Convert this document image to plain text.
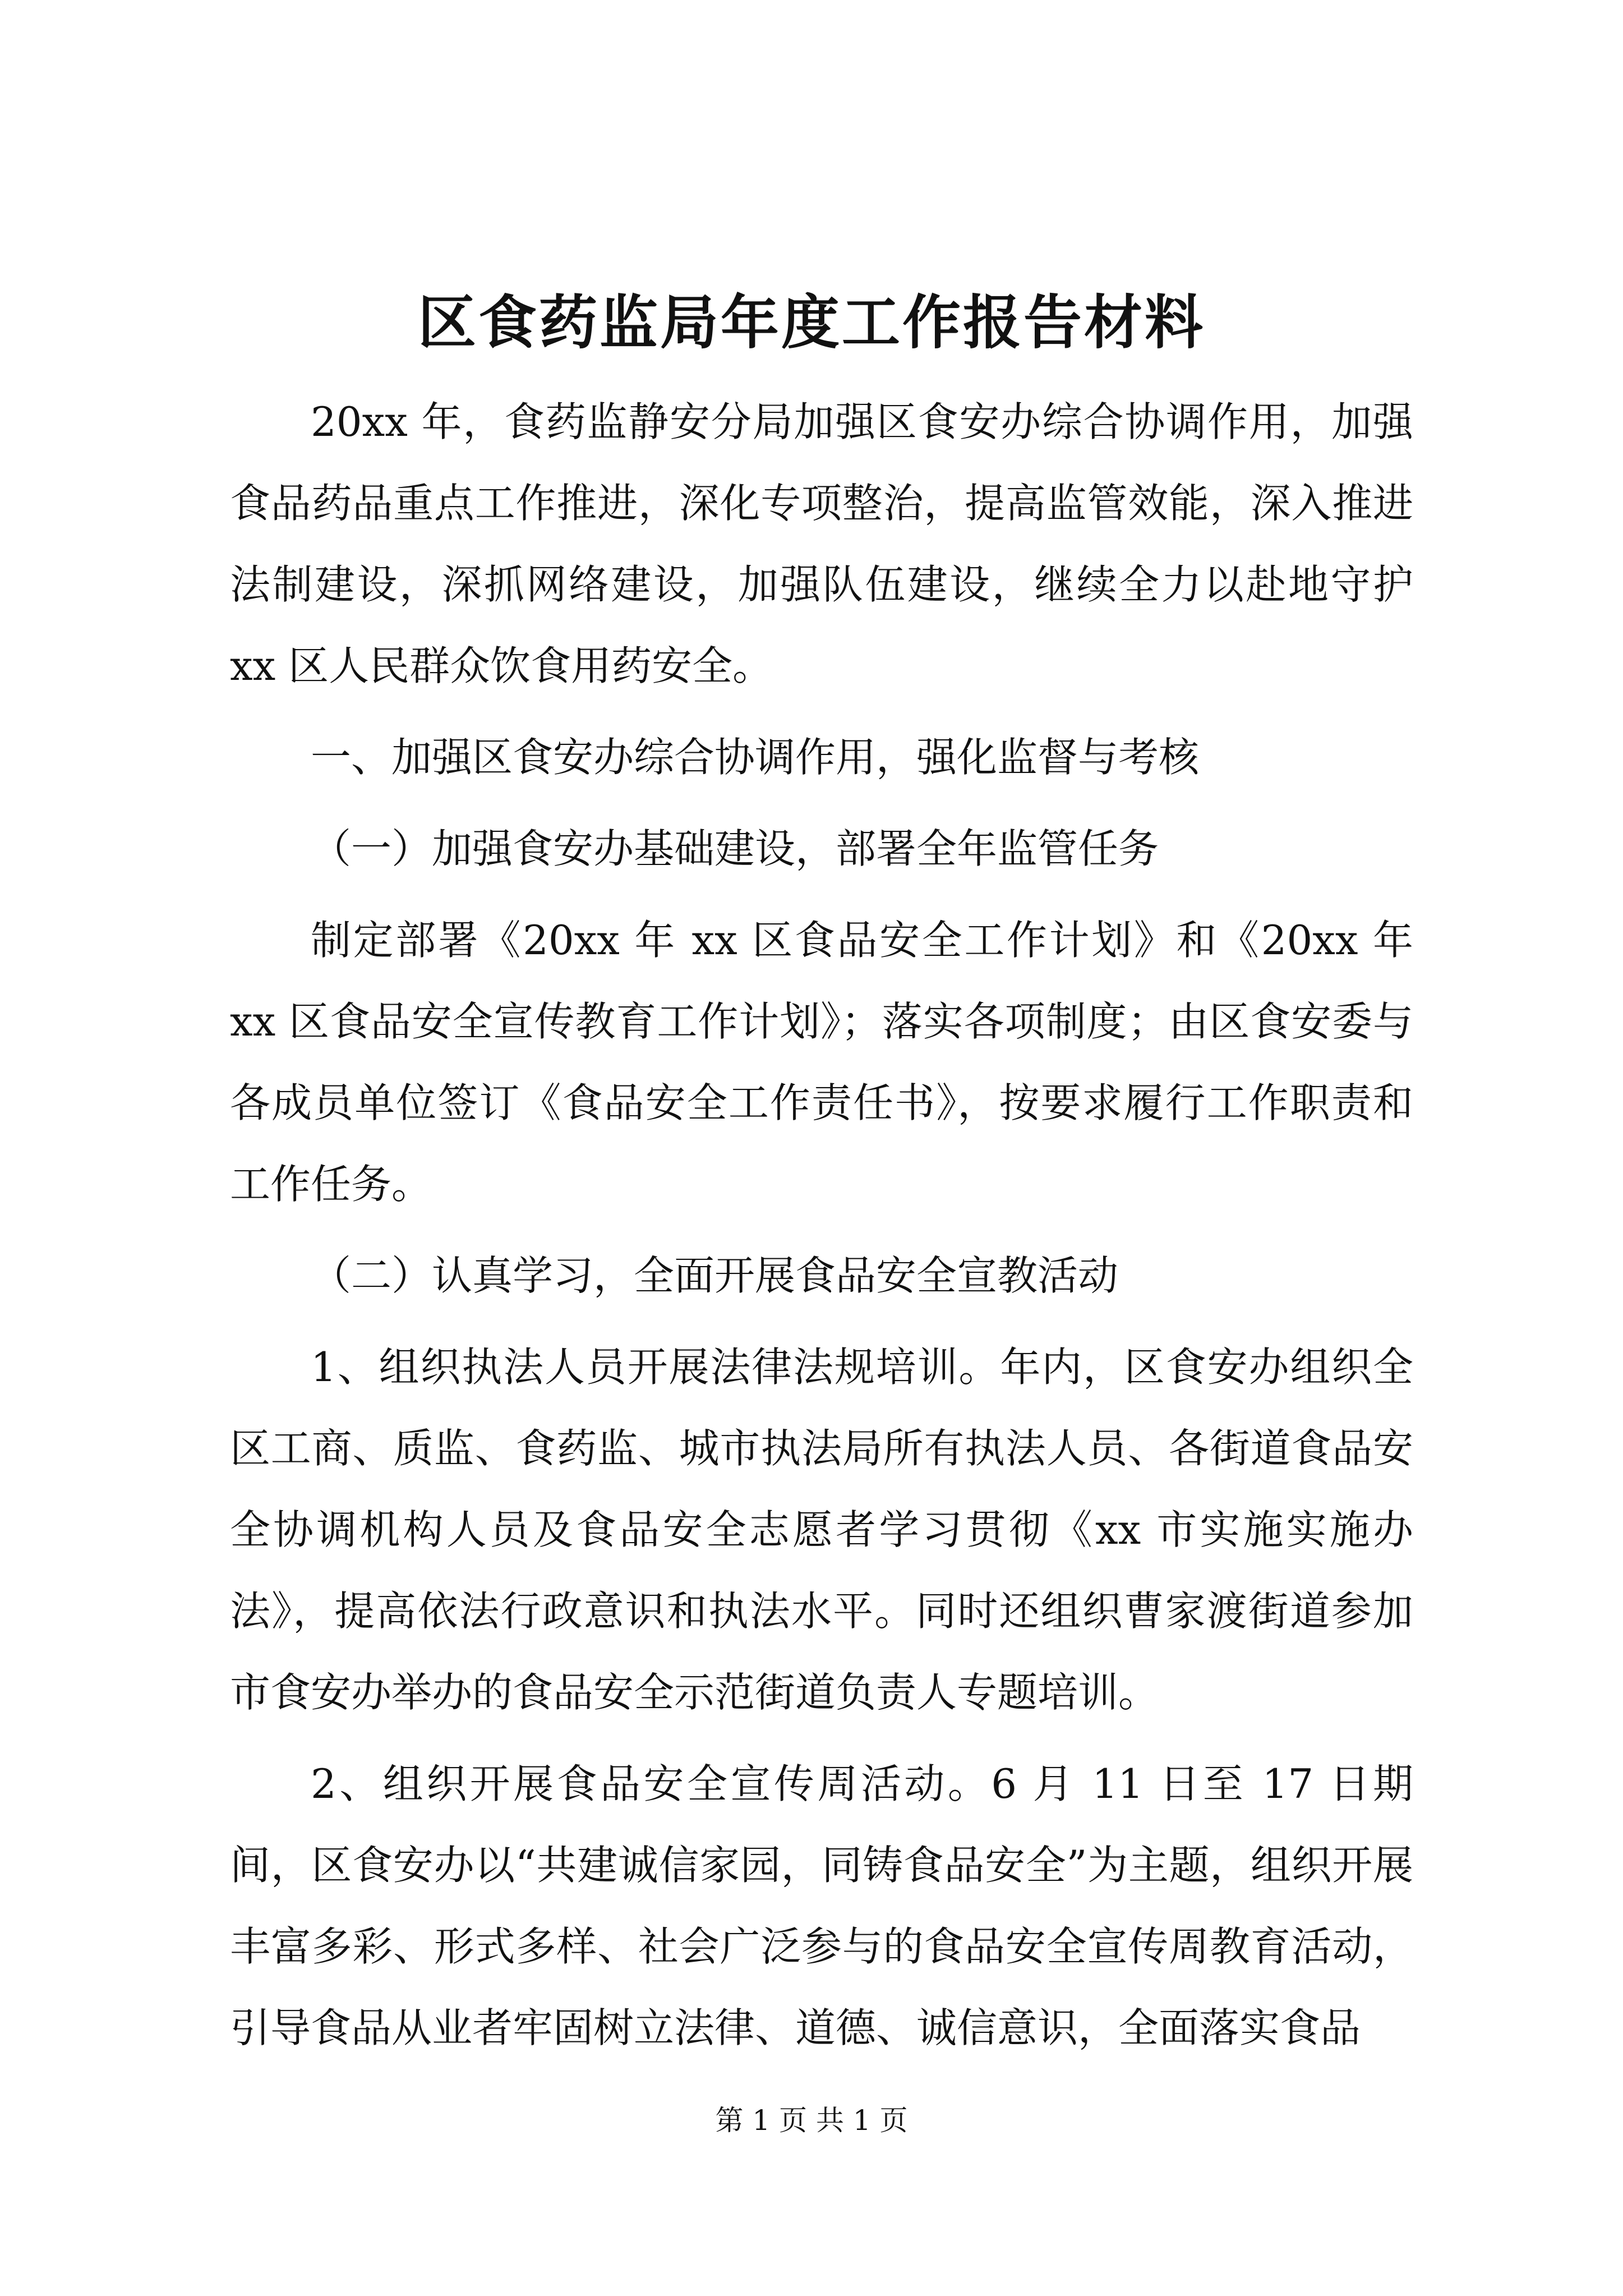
区食药监局年度工作报告材料

20xx 年，食药监静安分局加强区食安办综合协调作用，加强食品药品重点工作推进，深化专项整治，提高监管效能，深入推进法制建设，深抓网络建设，加强队伍建设，继续全力以赴地守护 xx 区人民群众饮食用药安全。

一、加强区食安办综合协调作用，强化监督与考核

（一）加强食安办基础建设，部署全年监管任务

制定部署《20xx 年 xx 区食品安全工作计划》和《20xx 年 xx 区食品安全宣传教育工作计划》；落实各项制度；由区食安委与各成员单位签订《食品安全工作责任书》，按要求履行工作职责和工作任务。

（二）认真学习，全面开展食品安全宣教活动

1、组织执法人员开展法律法规培训。年内，区食安办组织全区工商、质监、食药监、城市执法局所有执法人员、各街道食品安全协调机构人员及食品安全志愿者学习贯彻《xx 市实施实施办法》，提高依法行政意识和执法水平。同时还组织曹家渡街道参加市食安办举办的食品安全示范街道负责人专题培训。

2、组织开展食品安全宣传周活动。6 月 11 日至 17 日期间，区食安办以“共建诚信家园，同铸食品安全”为主题，组织开展丰富多彩、形式多样、社会广泛参与的食品安全宣传周教育活动，引导食品从业者牢固树立法律、道德、诚信意识，全面落实食品

第 1 页 共 1 页
